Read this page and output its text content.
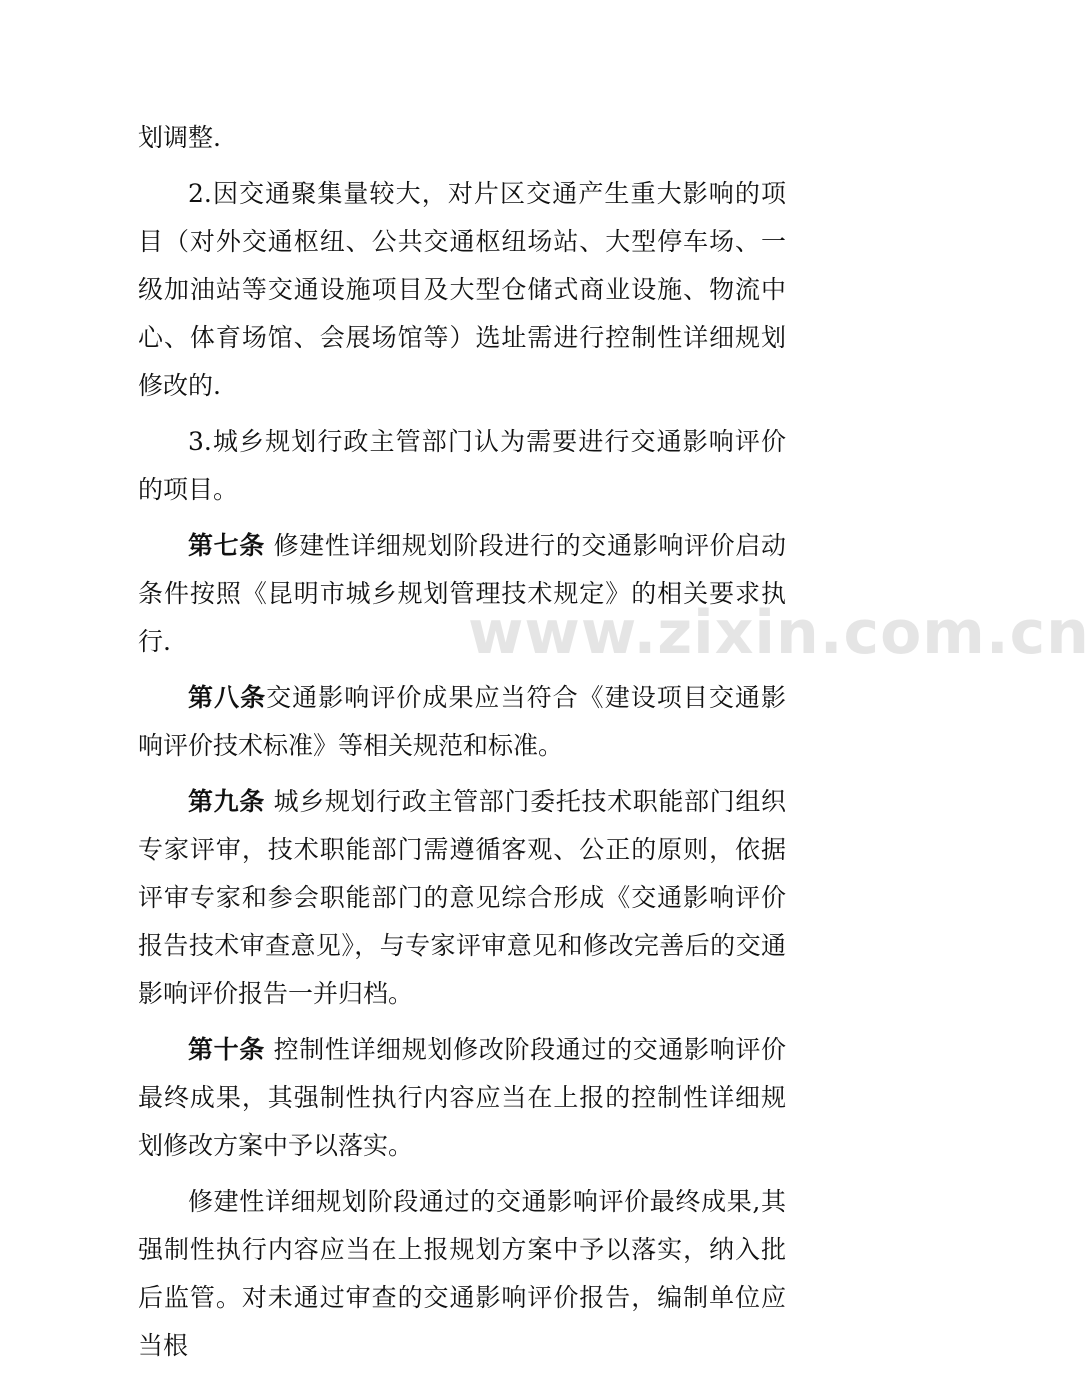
划调整.

2.因交通聚集量较大，对片区交通产生重大影响的项目（对外交通枢纽、公共交通枢纽场站、大型停车场、一级加油站等交通设施项目及大型仓储式商业设施、物流中心、体育场馆、会展场馆等）选址需进行控制性详细规划修改的.

3.城乡规划行政主管部门认为需要进行交通影响评价的项目。

第七条 修建性详细规划阶段进行的交通影响评价启动条件按照《昆明市城乡规划管理技术规定》的相关要求执行.

第八条交通影响评价成果应当符合《建设项目交通影响评价技术标准》等相关规范和标准。

第九条 城乡规划行政主管部门委托技术职能部门组织专家评审，技术职能部门需遵循客观、公正的原则，依据评审专家和参会职能部门的意见综合形成《交通影响评价报告技术审查意见》，与专家评审意见和修改完善后的交通影响评价报告一并归档。

第十条 控制性详细规划修改阶段通过的交通影响评价最终成果，其强制性执行内容应当在上报的控制性详细规划修改方案中予以落实。

修建性详细规划阶段通过的交通影响评价最终成果,其强制性执行内容应当在上报规划方案中予以落实，纳入批后监管。对未通过审查的交通影响评价报告，编制单位应当根

www.zixin.com.cn
